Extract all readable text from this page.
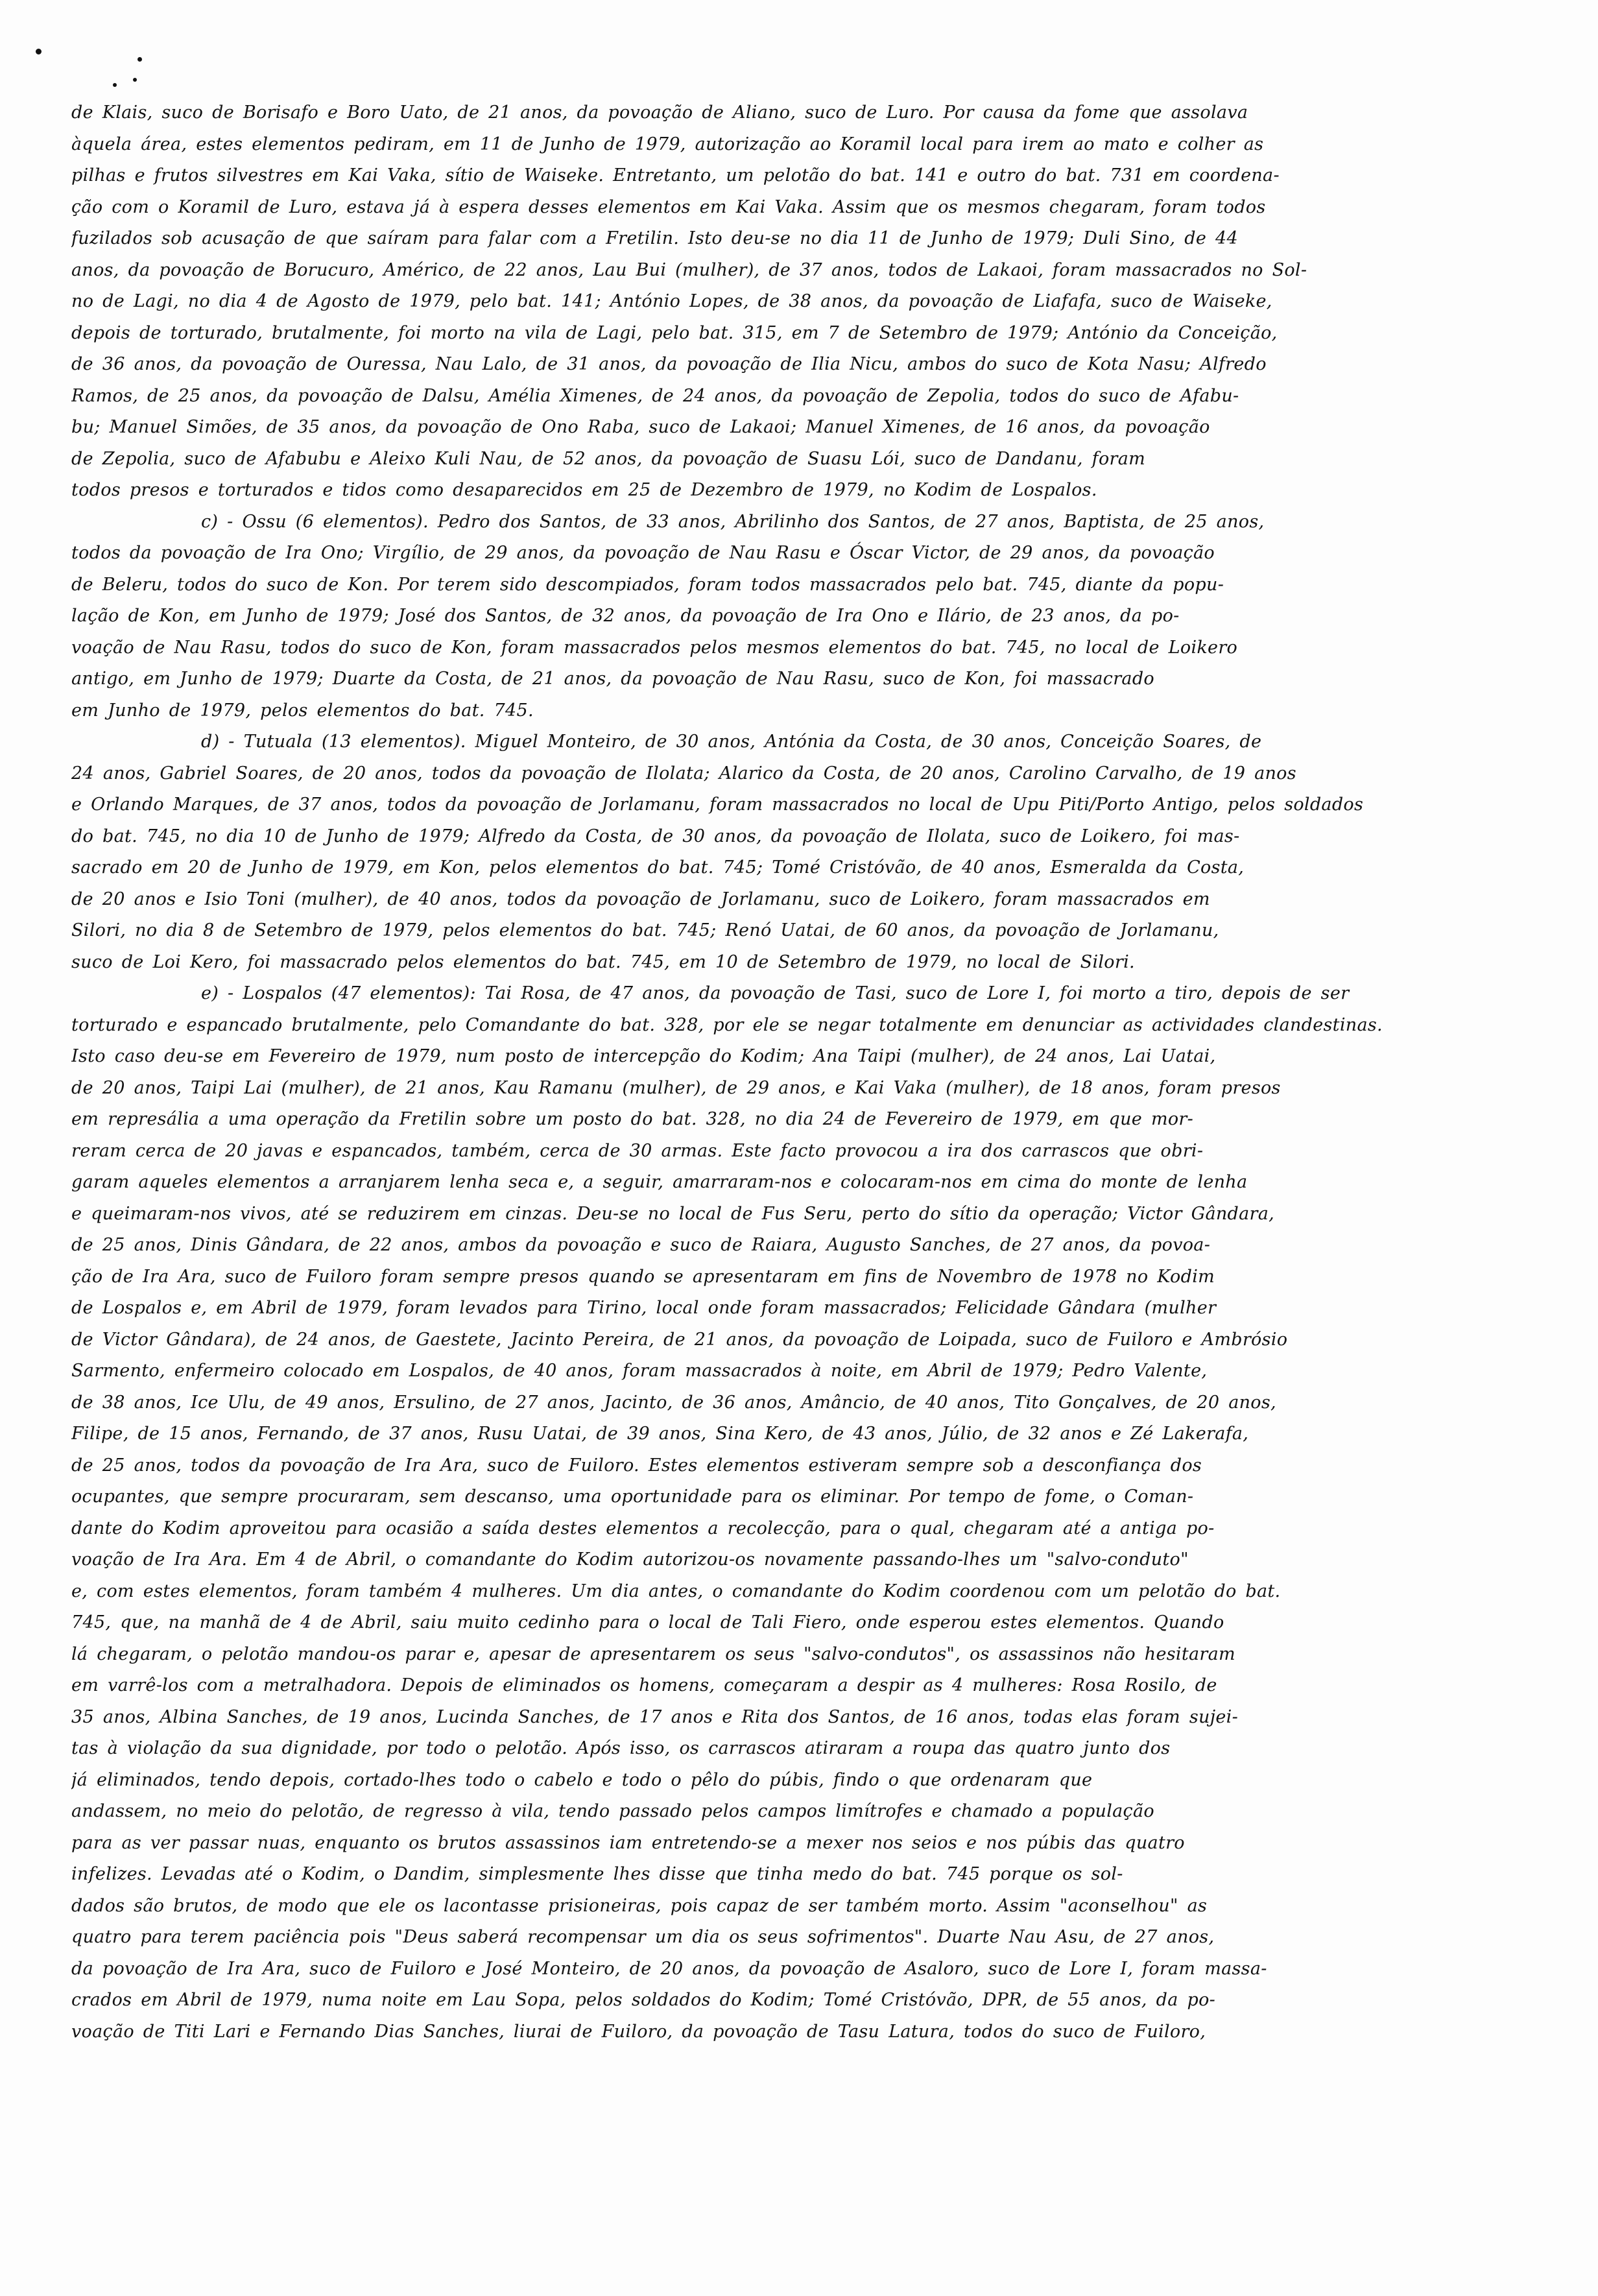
de Klais, suco de Borisafo e Boro Uato, de 21 anos, da povoação de Aliano, suco de Luro. Por causa da fome que assolava
àquela área, estes elementos pediram, em 11 de Junho de 1979, autorização ao Koramil local para irem ao mato e colher as
pilhas e frutos silvestres em Kai Vaka, sítio de Waiseke. Entretanto, um pelotão do bat. 141 e outro do bat. 731 em coordena-
ção com o Koramil de Luro, estava já à espera desses elementos em Kai Vaka. Assim que os mesmos chegaram, foram todos
fuzilados sob acusação de que saíram para falar com a Fretilin. Isto deu-se no dia 11 de Junho de 1979; Duli Sino, de 44
anos, da povoação de Borucuro, Américo, de 22 anos, Lau Bui (mulher), de 37 anos, todos de Lakaoi, foram massacrados no Sol-
no de Lagi, no dia 4 de Agosto de 1979, pelo bat. 141; António Lopes, de 38 anos, da povoação de Liafafa, suco de Waiseke,
depois de torturado, brutalmente, foi morto na vila de Lagi, pelo bat. 315, em 7 de Setembro de 1979; António da Conceição,
de 36 anos, da povoação de Ouressa, Nau Lalo, de 31 anos, da povoação de Ilia Nicu, ambos do suco de Kota Nasu; Alfredo
Ramos, de 25 anos, da povoação de Dalsu, Amélia Ximenes, de 24 anos, da povoação de Zepolia, todos do suco de Afabu-
bu; Manuel Simões, de 35 anos, da povoação de Ono Raba, suco de Lakaoi; Manuel Ximenes, de 16 anos, da povoação
de Zepolia, suco de Afabubu e Aleixo Kuli Nau, de 52 anos, da povoação de Suasu Lói, suco de Dandanu, foram
todos presos e torturados e tidos como desaparecidos em 25 de Dezembro de 1979, no Kodim de Lospalos.
c) - Ossu (6 elementos). Pedro dos Santos, de 33 anos, Abrilinho dos Santos, de 27 anos, Baptista, de 25 anos,
todos da povoação de Ira Ono; Virgílio, de 29 anos, da povoação de Nau Rasu e Óscar Victor, de 29 anos, da povoação
de Beleru, todos do suco de Kon. Por terem sido descompiados, foram todos massacrados pelo bat. 745, diante da popu-
lação de Kon, em Junho de 1979; José dos Santos, de 32 anos, da povoação de Ira Ono e Ilário, de 23 anos, da po-
voação de Nau Rasu, todos do suco de Kon, foram massacrados pelos mesmos elementos do bat. 745, no local de Loikero
antigo, em Junho de 1979; Duarte da Costa, de 21 anos, da povoação de Nau Rasu, suco de Kon, foi massacrado
em Junho de 1979, pelos elementos do bat. 745.
d) - Tutuala (13 elementos). Miguel Monteiro, de 30 anos, Antónia da Costa, de 30 anos, Conceição Soares, de
24 anos, Gabriel Soares, de 20 anos, todos da povoação de Ilolata; Alarico da Costa, de 20 anos, Carolino Carvalho, de 19 anos
e Orlando Marques, de 37 anos, todos da povoação de Jorlamanu, foram massacrados no local de Upu Piti/Porto Antigo, pelos soldados
do bat. 745, no dia 10 de Junho de 1979; Alfredo da Costa, de 30 anos, da povoação de Ilolata, suco de Loikero, foi mas-
sacrado em 20 de Junho de 1979, em Kon, pelos elementos do bat. 745; Tomé Cristóvão, de 40 anos, Esmeralda da Costa,
de 20 anos e Isio Toni (mulher), de 40 anos, todos da povoação de Jorlamanu, suco de Loikero, foram massacrados em
Silori, no dia 8 de Setembro de 1979, pelos elementos do bat. 745; Renó Uatai, de 60 anos, da povoação de Jorlamanu,
suco de Loi Kero, foi massacrado pelos elementos do bat. 745, em 10 de Setembro de 1979, no local de Silori.
e) - Lospalos (47 elementos): Tai Rosa, de 47 anos, da povoação de Tasi, suco de Lore I, foi morto a tiro, depois de ser
torturado e espancado brutalmente, pelo Comandante do bat. 328, por ele se negar totalmente em denunciar as actividades clandestinas.
Isto caso deu-se em Fevereiro de 1979, num posto de intercepção do Kodim; Ana Taipi (mulher), de 24 anos, Lai Uatai,
de 20 anos, Taipi Lai (mulher), de 21 anos, Kau Ramanu (mulher), de 29 anos, e Kai Vaka (mulher), de 18 anos, foram presos
em represália a uma operação da Fretilin sobre um posto do bat. 328, no dia 24 de Fevereiro de 1979, em que mor-
reram cerca de 20 javas e espancados, também, cerca de 30 armas. Este facto provocou a ira dos carrascos que obri-
garam aqueles elementos a arranjarem lenha seca e, a seguir, amarraram-nos e colocaram-nos em cima do monte de lenha
e queimaram-nos vivos, até se reduzirem em cinzas. Deu-se no local de Fus Seru, perto do sítio da operação; Victor Gândara,
de 25 anos, Dinis Gândara, de 22 anos, ambos da povoação e suco de Raiara, Augusto Sanches, de 27 anos, da povoa-
ção de Ira Ara, suco de Fuiloro foram sempre presos quando se apresentaram em fins de Novembro de 1978 no Kodim
de Lospalos e, em Abril de 1979, foram levados para Tirino, local onde foram massacrados; Felicidade Gândara (mulher
de Victor Gândara), de 24 anos, de Gaestete, Jacinto Pereira, de 21 anos, da povoação de Loipada, suco de Fuiloro e Ambrósio
Sarmento, enfermeiro colocado em Lospalos, de 40 anos, foram massacrados à noite, em Abril de 1979; Pedro Valente,
de 38 anos, Ice Ulu, de 49 anos, Ersulino, de 27 anos, Jacinto, de 36 anos, Amâncio, de 40 anos, Tito Gonçalves, de 20 anos,
Filipe, de 15 anos, Fernando, de 37 anos, Rusu Uatai, de 39 anos, Sina Kero, de 43 anos, Júlio, de 32 anos e Zé Lakerafa,
de 25 anos, todos da povoação de Ira Ara, suco de Fuiloro. Estes elementos estiveram sempre sob a desconfiança dos
ocupantes, que sempre procuraram, sem descanso, uma oportunidade para os eliminar. Por tempo de fome, o Coman-
dante do Kodim aproveitou para ocasião a saída destes elementos a recolecção, para o qual, chegaram até a antiga po-
voação de Ira Ara. Em 4 de Abril, o comandante do Kodim autorizou-os novamente passando-lhes um "salvo-conduto"
e, com estes elementos, foram também 4 mulheres. Um dia antes, o comandante do Kodim coordenou com um pelotão do bat.
745, que, na manhã de 4 de Abril, saiu muito cedinho para o local de Tali Fiero, onde esperou estes elementos. Quando
lá chegaram, o pelotão mandou-os parar e, apesar de apresentarem os seus "salvo-condutos", os assassinos não hesitaram
em varrê-los com a metralhadora. Depois de eliminados os homens, começaram a despir as 4 mulheres: Rosa Rosilo, de
35 anos, Albina Sanches, de 19 anos, Lucinda Sanches, de 17 anos e Rita dos Santos, de 16 anos, todas elas foram sujei-
tas à violação da sua dignidade, por todo o pelotão. Após isso, os carrascos atiraram a roupa das quatro junto dos
já eliminados, tendo depois, cortado-lhes todo o cabelo e todo o pêlo do púbis, findo o que ordenaram que
andassem, no meio do pelotão, de regresso à vila, tendo passado pelos campos limítrofes e chamado a população
para as ver passar nuas, enquanto os brutos assassinos iam entretendo-se a mexer nos seios e nos púbis das quatro
infelizes. Levadas até o Kodim, o Dandim, simplesmente lhes disse que tinha medo do bat. 745 porque os sol-
dados são brutos, de modo que ele os lacontasse prisioneiras, pois capaz de ser também morto. Assim "aconselhou" as
quatro para terem paciência pois "Deus saberá recompensar um dia os seus sofrimentos". Duarte Nau Asu, de 27 anos,
da povoação de Ira Ara, suco de Fuiloro e José Monteiro, de 20 anos, da povoação de Asaloro, suco de Lore I, foram massa-
crados em Abril de 1979, numa noite em Lau Sopa, pelos soldados do Kodim; Tomé Cristóvão, DPR, de 55 anos, da po-
voação de Titi Lari e Fernando Dias Sanches, liurai de Fuiloro, da povoação de Tasu Latura, todos do suco de Fuiloro,
